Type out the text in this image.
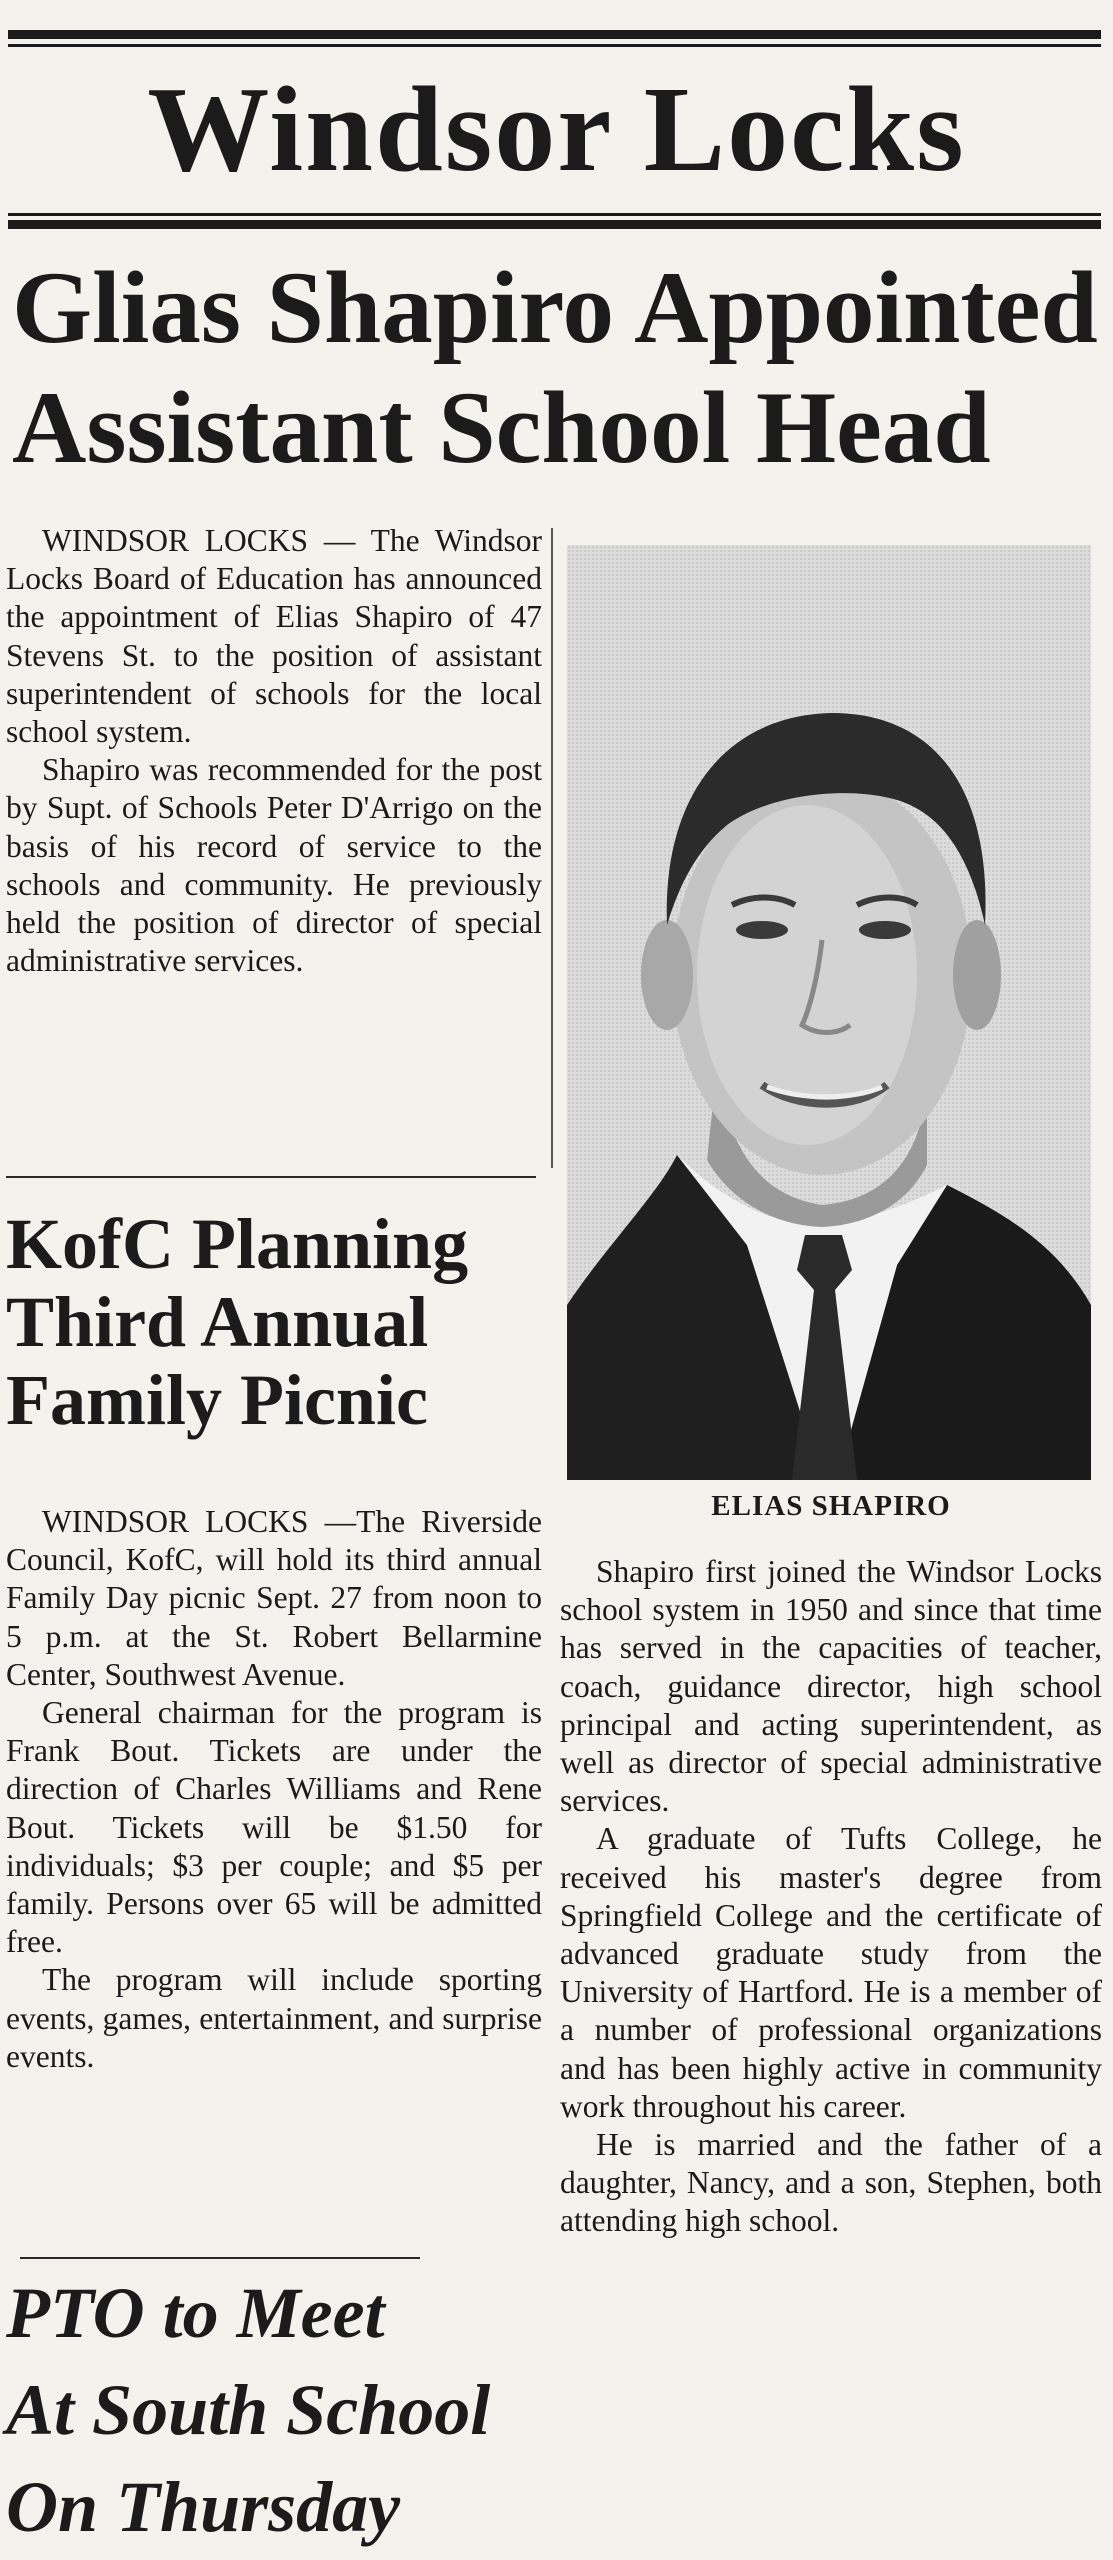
Windsor Locks
Glias Shapiro Appointed
Assistant School Head

WINDSOR LOCKS — The Windsor Locks Board of Education has announced the appointment of Elias Shapiro of 47 Stevens St. to the position of assistant superintendent of schools for the local school system.

Shapiro was recommended for the post by Supt. of Schools Peter D'Arrigo on the basis of his record of service to the schools and community. He previously held the position of director of special administrative services.

KofC Planning
Third Annual
Family Picnic

WINDSOR LOCKS —The Riverside Council, KofC, will hold its third annual Family Day picnic Sept. 27 from noon to 5 p.m. at the St. Robert Bellarmine Center, Southwest Avenue.

General chairman for the program is Frank Bout. Tickets are under the direction of Charles Williams and Rene Bout. Tickets will be $1.50 for individuals; $3 per couple; and $5 per family. Persons over 65 will be admitted free.

The program will include sporting events, games, entertainment, and surprise events.

PTO to Meet
At South School
On Thursday
ELIAS SHAPIRO

Shapiro first joined the Windsor Locks school system in 1950 and since that time has served in the capacities of teacher, coach, guidance director, high school principal and acting superintendent, as well as director of special administrative services.

A graduate of Tufts College, he received his master's degree from Springfield College and the certificate of advanced graduate study from the University of Hartford. He is a member of a number of professional organizations and has been highly active in community work throughout his career.

He is married and the father of a daughter, Nancy, and a son, Stephen, both attending high school.
